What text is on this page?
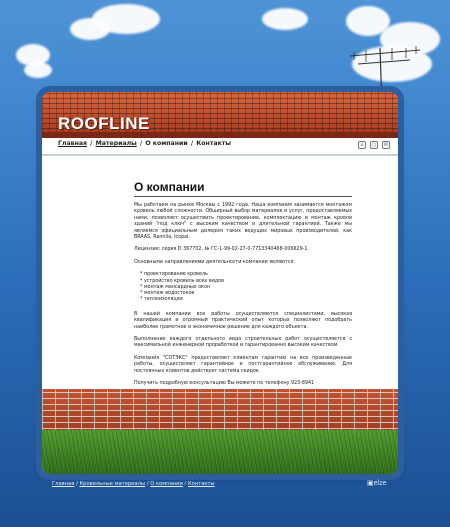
ROOFLINE
Главная / Материалы / О компании / Контакты	⌂	○	✉
О компании

Мы работаем на рынке Москвы с 1992 года. Наша компания занимается монтажом кровель любой сложности. Обширный выбор материалов и услуг, предоставляемых нами, позволяет осуществить проектирование, комплектацию и монтаж кровли зданий "под ключ" с высоким качеством и длительной гарантией. Также мы являемся официальным дилером таких ведущих мировых производителей, как BRAAS, Rannila, Icopal.

Лицензия: серия D 367702, № ГС-1-99-02-27-0-7713340468-006629-1.

Основными направлениями деятельности компании являются:

* проектирование кровель
* устройство кровель всех видов
* монтаж мансардных окон
* монтаж водостоков
* теплоизоляция

В нашей компании все работы осуществляются специалистами, высокая квалификация и огромный практический опыт которых позволяют подобрать наиболее грамотное и экономичное решение для каждого объекта.

Выполнение каждого отдельного вида строительных работ осуществляется с максимальной инженерной проработкой и гарантированно высоким качеством.

Компания "СОТЭКС" предоставляет клиентам гарантию на все произведенные работы, осуществляет гарантийное и постгарантийное обслуживание. Для постоянных клиентов действует система скидок.

Получить подробную консультацию Вы можете по телефону 923-8941

Главная / Кровельные материалы / О компании / Контакты	▣elze
